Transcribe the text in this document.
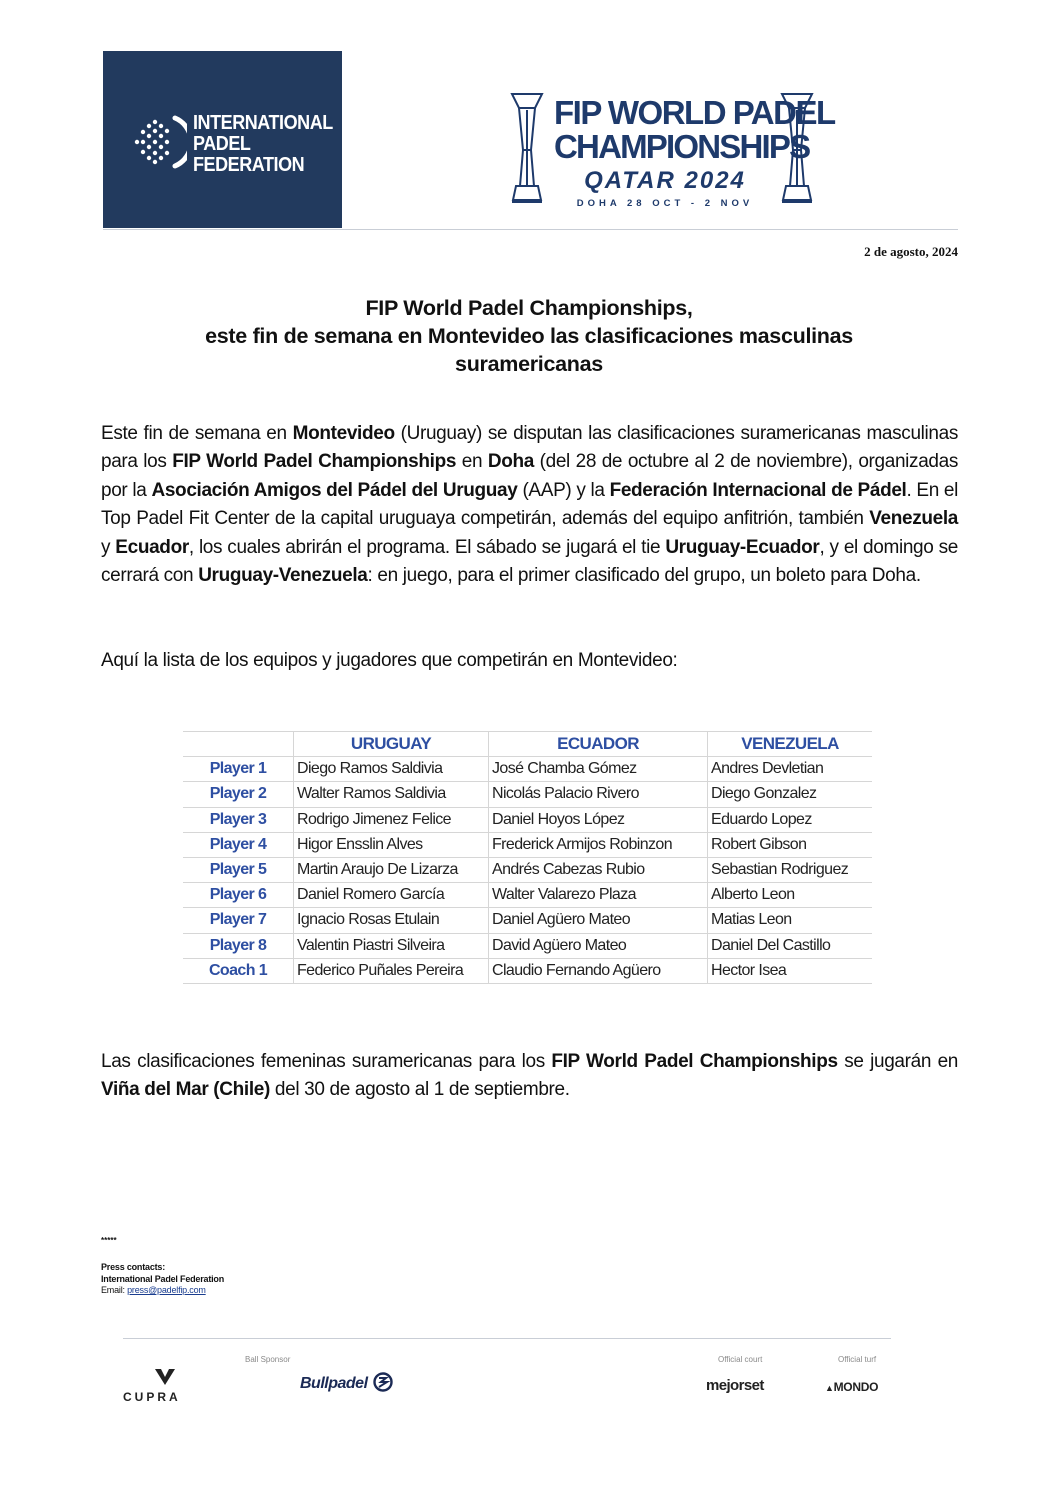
INTERNATIONAL
PADEL
FEDERATION
FIP WORLD PADEL
CHAMPIONSHIPS
QATAR 2024
DOHA 28 OCT - 2 NOV
2 de agosto, 2024
FIP World Padel Championships,
este fin de semana en Montevideo las clasificaciones masculinas
suramericanas
Este fin de semana en Montevideo (Uruguay) se disputan las clasificaciones suramericanas masculinas para los FIP World Padel Championships en Doha (del 28 de octubre al 2 de noviembre), organizadas por la Asociación Amigos del Pádel del Uruguay (AAP) y la Federación Internacional de Pádel. En el Top Padel Fit Center de la capital uruguaya competirán, además del equipo anfitrión, también Venezuela y Ecuador, los cuales abrirán el programa. El sábado se jugará el tie Uruguay-Ecuador, y el domingo se cerrará con Uruguay-Venezuela: en juego, para el primer clasificado del grupo, un boleto para Doha.
Aquí la lista de los equipos y jugadores que competirán en Montevideo:
	URUGUAY	ECUADOR	VENEZUELA
Player 1	Diego Ramos Saldivia	José Chamba Gómez	Andres Devletian
Player 2	Walter Ramos Saldivia	Nicolás Palacio Rivero	Diego Gonzalez
Player 3	Rodrigo Jimenez Felice	Daniel Hoyos López	Eduardo Lopez
Player 4	Higor Ensslin Alves	Frederick Armijos Robinzon	Robert Gibson
Player 5	Martin Araujo De Lizarza	Andrés Cabezas Rubio	Sebastian Rodriguez
Player 6	Daniel Romero García	Walter Valarezo Plaza	Alberto Leon
Player 7	Ignacio Rosas Etulain	Daniel Agüero Mateo	Matias Leon
Player 8	Valentin Piastri Silveira	David Agüero Mateo	Daniel Del Castillo
Coach 1	Federico Puñales Pereira	Claudio Fernando Agüero	Hector Isea
Las clasificaciones femeninas suramericanas para los FIP World Padel Championships se jugarán en Viña del Mar (Chile) del 30 de agosto al 1 de septiembre.
*****
Press contacts:
International Padel Federation
Email: press@padelfip.com
CUPRA
Ball Sponsor
Bullpadel
Official court
mejorset
Official turf
▲MONDO
